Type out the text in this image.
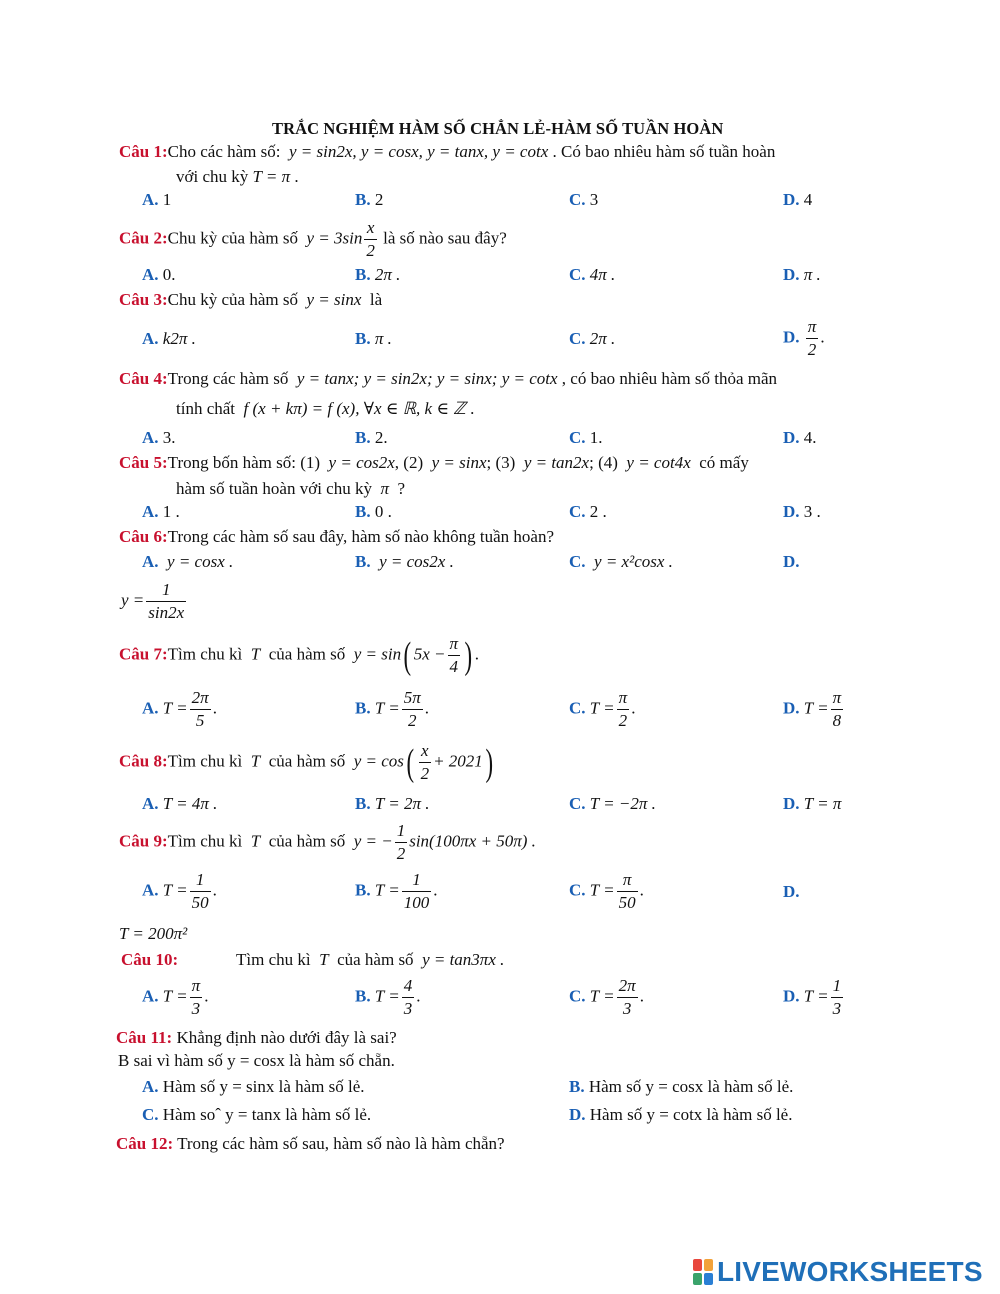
TRẮC NGHIỆM HÀM SỐ CHẲN LẺ-HÀM SỐ TUẦN HOÀN
Câu 1:Cho các hàm số: y = sin2x, y = cosx, y = tanx, y = cotx . Có bao nhiêu hàm số tuần hoàn
với chu kỳ T = π .
A. 1	B. 2	C. 3	D. 4
Câu 2:Chu kỳ của hàm số $y = 3\sin \frac{x}{2}$ là số nào sau đây?
A. 0.	B. 2π .	C. 4π .	D. π .
Câu 3:Chu kỳ của hàm số y = sinx là
A. k2π .	B. π .	C. 2π .	D. $\frac{\pi}{2}$ .
Câu 4:Trong các hàm số y = tanx; y = sin2x; y = sinx; y = cotx , có bao nhiêu hàm số thỏa mãn
tính chất f (x + kπ) = f (x), ∀x ∈ ℝ, k ∈ ℤ .
A. 3.	B. 2.	C. 1.	D. 4.
Câu 5:Trong bốn hàm số: (1) y = cos2x, (2) y = sinx; (3) y = tan2x; (4) y = cot4x có mấy
hàm số tuần hoàn với chu kỳ π ?
A. 1 .	B. 0 .	C. 2 .	D. 3 .
Câu 6:Trong các hàm số sau đây, hàm số nào không tuần hoàn?
A. y = cosx .	B. y = cos2x .	C. y = x²cosx .	D.
$y = \frac{1}{\sin 2x}$
Câu 7:Tìm chu kì T của hàm số y = sin( $5x - \frac{\pi}{4}$ ) .
A. $T = \frac{2\pi}{5}$ .	B. $T = \frac{5\pi}{2}$ .	C. $T = \frac{\pi}{2}$ .	D. $T = \frac{\pi}{8}$
Câu 8:Tìm chu kì T của hàm số $y = \cos( \frac{x}{2} + 2021)$
A. T = 4π .	B. T = 2π .	C. T = −2π .	D. T = π
Câu 9:Tìm chu kì T của hàm số y = − $\frac{1}{2} \sin(100\pi x + 50\pi)$ .
A. $T = \frac{1}{50}$ .	B. $T = \frac{1}{100}$ .	C. $T = \frac{\pi}{50}$ .	D.
T = 200π²
Câu 10:	Tìm chu kì T của hàm số y = tan3πx .
A. $T = \frac{\pi}{3}$ .	B. $T = \frac{4}{3}$ .	C. $T = \frac{2\pi}{3}$ .	D. $T = \frac{1}{3}$
Câu 11: Khẳng định nào dưới đây là sai?
B sai vì hàm số y = cosx là hàm số chẵn.
A. Hàm số y = sinx là hàm số lẻ.	B. Hàm số y = cosx là hàm số lẻ.
C. Hàm soˆ y = tanx là hàm số lẻ.	D. Hàm số y = cotx là hàm số lẻ.
Câu 12: Trong các hàm số sau, hàm số nào là hàm chẵn?
LIVEWORKSHEETS
